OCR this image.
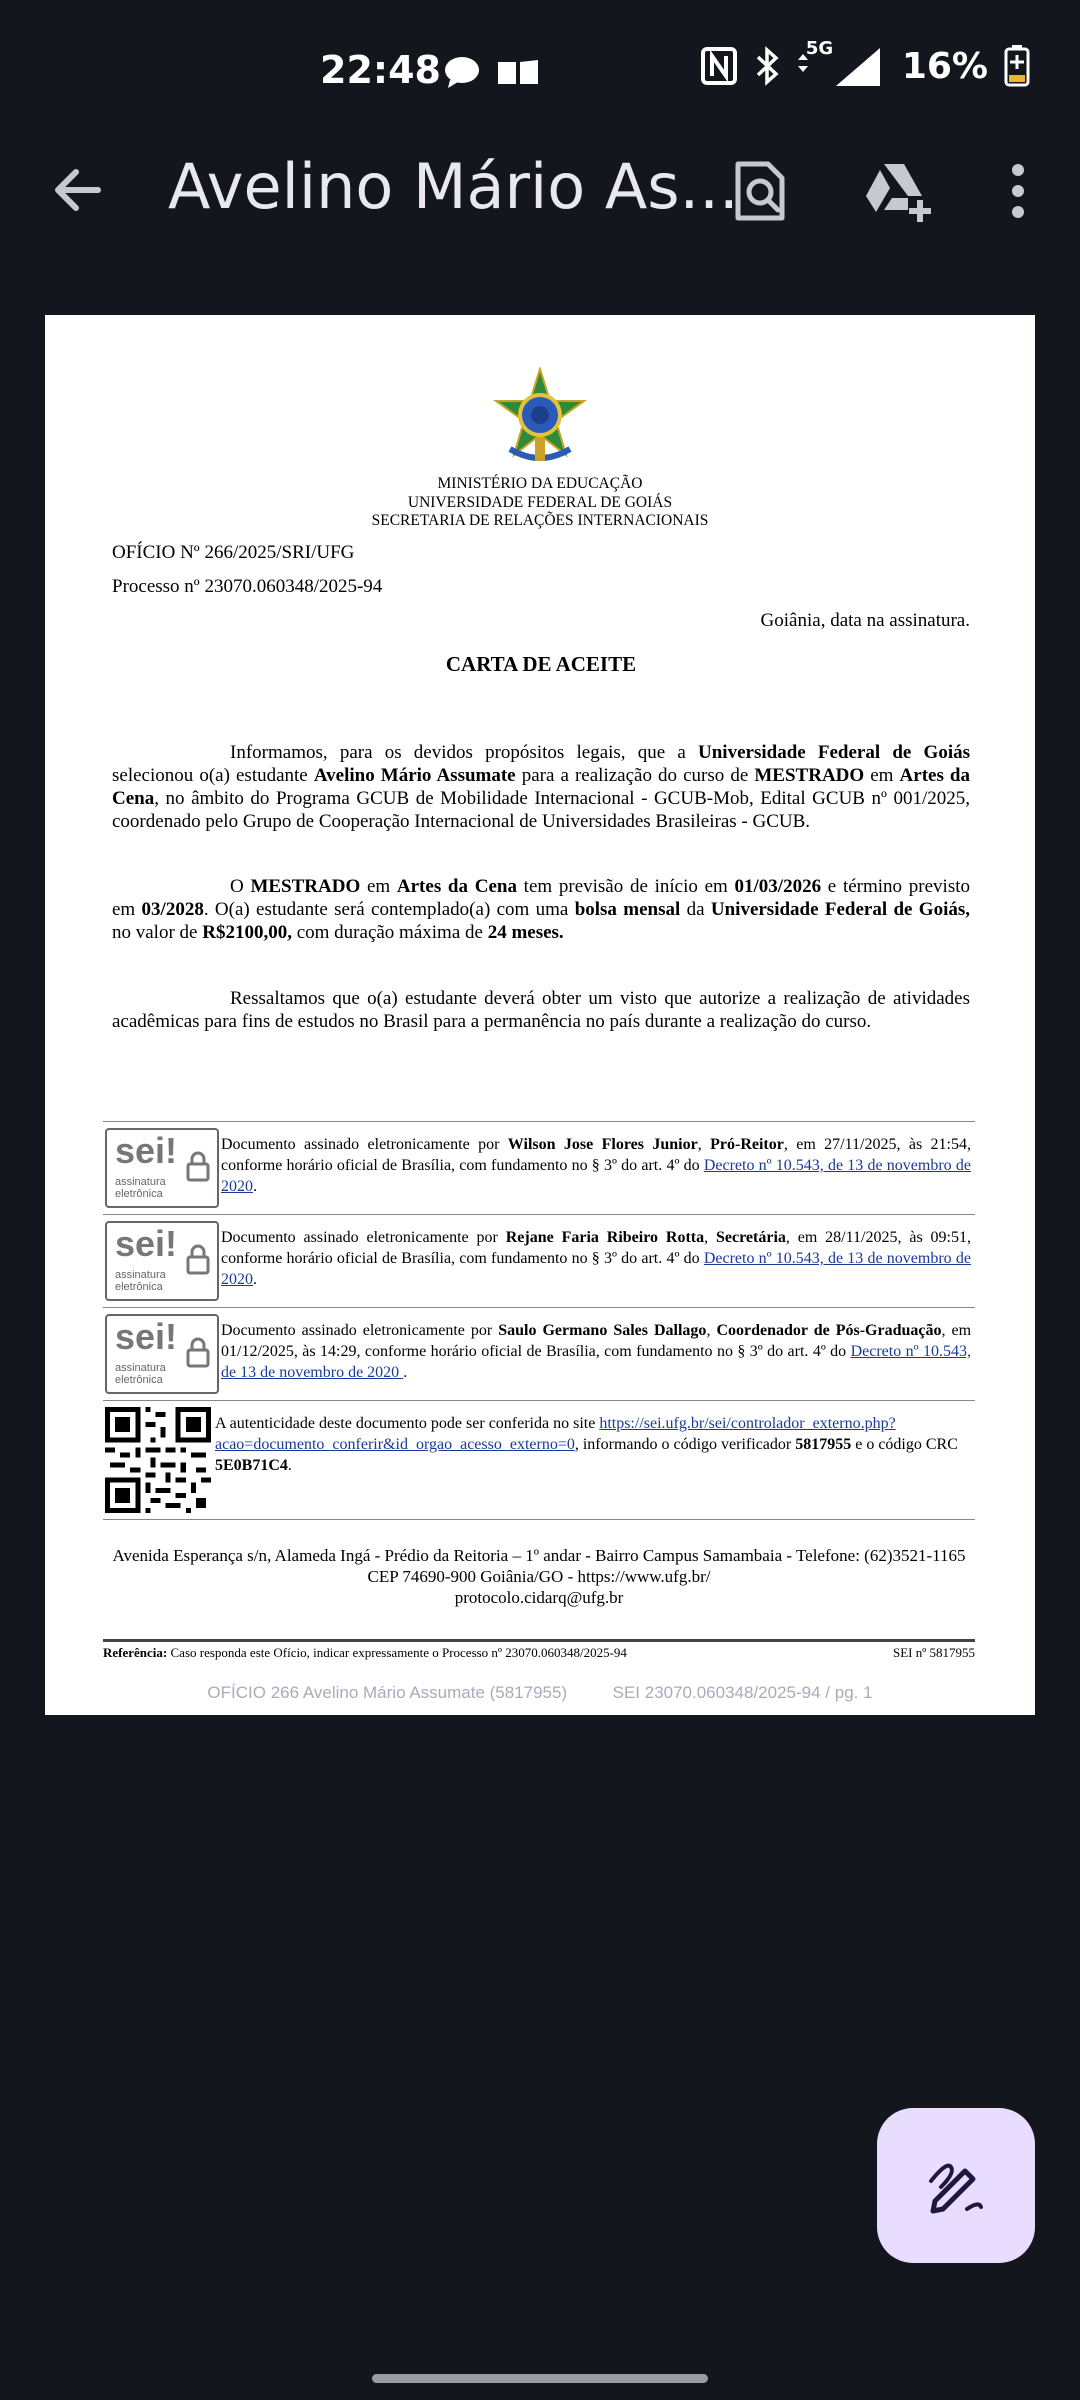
22:48	5G 16%
Avelino Mário As...
MINISTÉRIO DA EDUCAÇÃO
UNIVERSIDADE FEDERAL DE GOIÁS
SECRETARIA DE RELAÇÕES INTERNACIONAIS
OFÍCIO Nº 266/2025/SRI/UFG
Processo nº 23070.060348/2025-94
Goiânia, data na assinatura.
CARTA DE ACEITE
Informamos, para os devidos propósitos legais, que a Universidade Federal de Goiás selecionou o(a) estudante Avelino Mário Assumate para a realização do curso de MESTRADO em Artes da Cena, no âmbito do Programa GCUB de Mobilidade Internacional - GCUB-Mob, Edital GCUB nº 001/2025, coordenado pelo Grupo de Cooperação Internacional de Universidades Brasileiras - GCUB.
O MESTRADO em Artes da Cena tem previsão de início em 01/03/2026 e término previsto em 03/2028. O(a) estudante será contemplado(a) com uma bolsa mensal da Universidade Federal de Goiás, no valor de R$2100,00, com duração máxima de 24 meses.
Ressaltamos que o(a) estudante deverá obter um visto que autorize a realização de atividades acadêmicas para fins de estudos no Brasil para a permanência no país durante a realização do curso.
sei!
assinatura
eletrônica
Documento assinado eletronicamente por Wilson Jose Flores Junior, Pró-Reitor, em 27/11/2025, às 21:54, conforme horário oficial de Brasília, com fundamento no § 3º do art. 4º do Decreto nº 10.543, de 13 de novembro de 2020.
sei!
assinatura
eletrônica
Documento assinado eletronicamente por Rejane Faria Ribeiro Rotta, Secretária, em 28/11/2025, às 09:51, conforme horário oficial de Brasília, com fundamento no § 3º do art. 4º do Decreto nº 10.543, de 13 de novembro de 2020.
sei!
assinatura
eletrônica
Documento assinado eletronicamente por Saulo Germano Sales Dallago, Coordenador de Pós-Graduação, em 01/12/2025, às 14:29, conforme horário oficial de Brasília, com fundamento no § 3º do art. 4º do Decreto nº 10.543, de 13 de novembro de 2020 .
A autenticidade deste documento pode ser conferida no site https://sei.ufg.br/sei/controlador_externo.php?acao=documento_conferir&id_orgao_acesso_externo=0, informando o código verificador 5817955 e o código CRC 5E0B71C4.
Avenida Esperança s/n, Alameda Ingá - Prédio da Reitoria – 1º andar - Bairro Campus Samambaia - Telefone: (62)3521-1165
CEP 74690-900 Goiânia/GO - https://www.ufg.br/
protocolo.cidarq@ufg.br
Referência: Caso responda este Ofício, indicar expressamente o Processo nº 23070.060348/2025-94	SEI nº 5817955
OFÍCIO 266 Avelino Mário Assumate (5817955)	SEI 23070.060348/2025-94 / pg. 1
